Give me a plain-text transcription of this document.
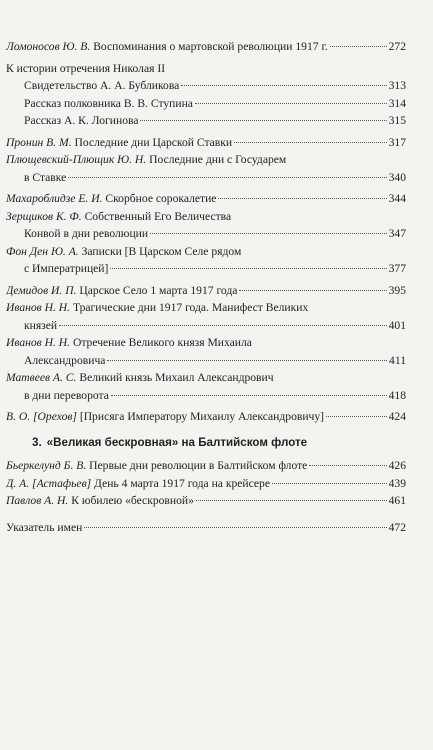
Ломоносов Ю. В. Воспоминания о мартовской революции 1917 г.	272
К истории отречения Николая II
Свидетельство А. А. Бубликова	313
Рассказ полковника В. В. Ступина	314
Рассказ А. К. Логинова	315
Пронин В. М. Последние дни Царской Ставки	317
Плющевский-Плющик Ю. Н. Последние дни с Государем
в Ставке	340
Махароблидзе Е. И. Скорбное сорокалетие	344
Зерщиков К. Ф. Собственный Его Величества
Конвой в дни революции	347
Фон Ден Ю. А. Записки [В Царском Селе рядом
с Императрицей]	377
Демидов И. П. Царское Село 1 марта 1917 года	395
Иванов Н. Н. Трагические дни 1917 года. Манифест Великих
князей	401
Иванов Н. Н. Отречение Великого князя Михаила
Александровича	411
Матвеев А. С. Великий князь Михаил Александрович
в дни переворота	418
В. О. [Орехов] [Присяга Императору Михаилу Александровичу]	424
3. «Великая бескровная» на Балтийском флоте
Бьеркелунд Б. В. Первые дни революции в Балтийском флоте	426
Д. А. [Астафьев] День 4 марта 1917 года на крейсере	439
Павлов А. Н. К юбилею «бескровной»	461
Указатель имен	472
